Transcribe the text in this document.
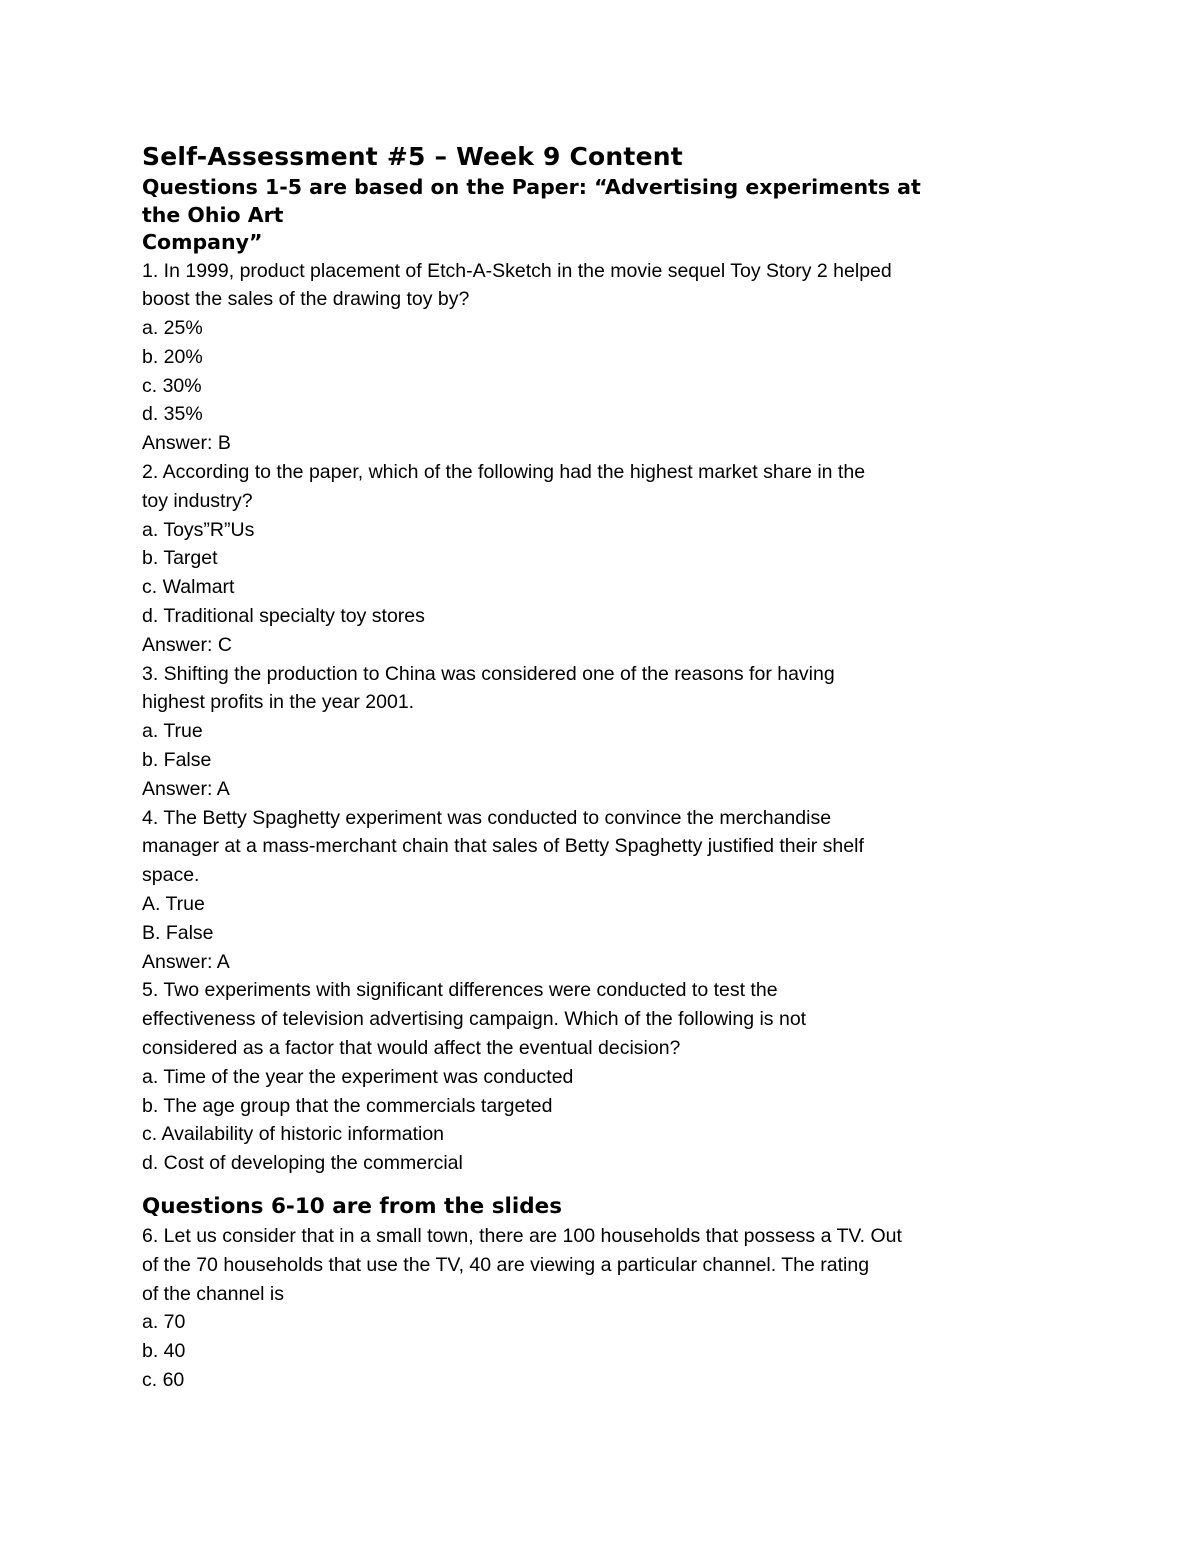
Self-Assessment #5 – Week 9 Content
Questions 1-5 are based on the Paper: “Advertising experiments at
the Ohio Art
Company”
1. In 1999, product placement of Etch-A-Sketch in the movie sequel Toy Story 2 helped
boost the sales of the drawing toy by?
a. 25%
b. 20%
c. 30%
d. 35%
Answer: B
2. According to the paper, which of the following had the highest market share in the
toy industry?
a. Toys”R”Us
b. Target
c. Walmart
d. Traditional specialty toy stores
Answer: C
3. Shifting the production to China was considered one of the reasons for having
highest profits in the year 2001.
a. True
b. False
Answer: A
4. The Betty Spaghetty experiment was conducted to convince the merchandise
manager at a mass-merchant chain that sales of Betty Spaghetty justified their shelf
space.
A. True
B. False
Answer: A
5. Two experiments with significant differences were conducted to test the
effectiveness of television advertising campaign. Which of the following is not
considered as a factor that would affect the eventual decision?
a. Time of the year the experiment was conducted
b. The age group that the commercials targeted
c. Availability of historic information
d. Cost of developing the commercial
Questions 6-10 are from the slides
6. Let us consider that in a small town, there are 100 households that possess a TV. Out
of the 70 households that use the TV, 40 are viewing a particular channel. The rating
of the channel is
a. 70
b. 40
c. 60
